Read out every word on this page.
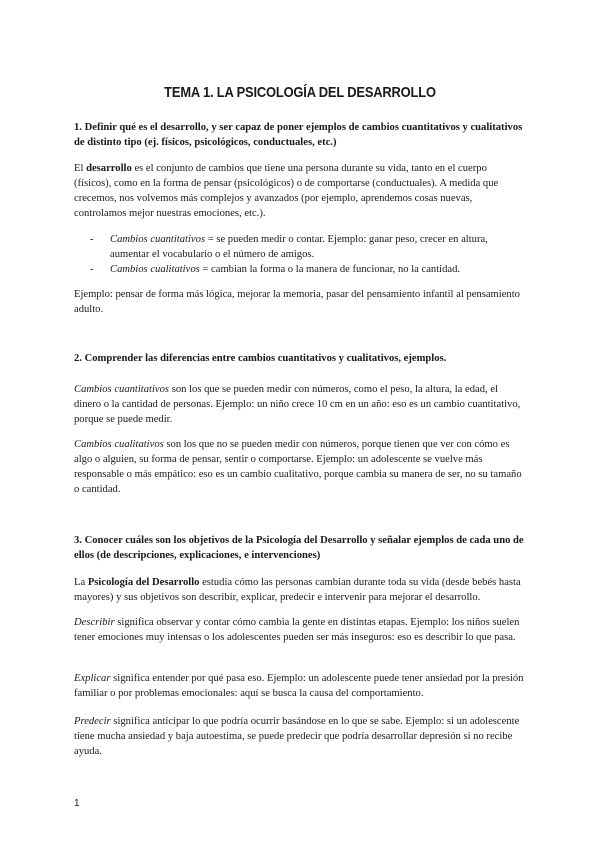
TEMA 1. LA PSICOLOGÍA DEL DESARROLLO

1. Definir qué es el desarrollo, y ser capaz de poner ejemplos de cambios cuantitativos y cualitativos de distinto tipo (ej. físicos, psicológicos, conductuales, etc.)

El desarrollo es el conjunto de cambios que tiene una persona durante su vida, tanto en el cuerpo (físicos), como en la forma de pensar (psicológicos) o de comportarse (conductuales). A medida que crecemos, nos volvemos más complejos y avanzados (por ejemplo, aprendemos cosas nuevas, controlamos mejor nuestras emociones, etc.).

- Cambios cuantitativos = se pueden medir o contar. Ejemplo: ganar peso, crecer en altura, aumentar el vocabulario o el número de amigos.
- Cambios cualitativos = cambian la forma o la manera de funcionar, no la cantidad.

Ejemplo: pensar de forma más lógica, mejorar la memoria, pasar del pensamiento infantil al pensamiento adulto.

2. Comprender las diferencias entre cambios cuantitativos y cualitativos, ejemplos.

Cambios cuantitativos son los que se pueden medir con números, como el peso, la altura, la edad, el dinero o la cantidad de personas. Ejemplo: un niño crece 10 cm en un año: eso es un cambio cuantitativo, porque se puede medir.

Cambios cualitativos son los que no se pueden medir con números, porque tienen que ver con cómo es algo o alguien, su forma de pensar, sentir o comportarse. Ejemplo: un adolescente se vuelve más responsable o más empático: eso es un cambio cualitativo, porque cambia su manera de ser, no su tamaño o cantidad.

3. Conocer cuáles son los objetivos de la Psicología del Desarrollo y señalar ejemplos de cada uno de ellos (de descripciones, explicaciones, e intervenciones)

La Psicología del Desarrollo estudia cómo las personas cambian durante toda su vida (desde bebés hasta mayores) y sus objetivos son describir, explicar, predecir e intervenir para mejorar el desarrollo.

Describir significa observar y contar cómo cambia la gente en distintas etapas. Ejemplo: los niños suelen tener emociones muy intensas o los adolescentes pueden ser más inseguros: eso es describir lo que pasa.

Explicar significa entender por qué pasa eso. Ejemplo: un adolescente puede tener ansiedad por la presión familiar o por problemas emocionales: aquí se busca la causa del comportamiento.

Predecir significa anticipar lo que podría ocurrir basándose en lo que se sabe. Ejemplo: si un adolescente tiene mucha ansiedad y baja autoestima, se puede predecir que podría desarrollar depresión si no recibe ayuda.

1
